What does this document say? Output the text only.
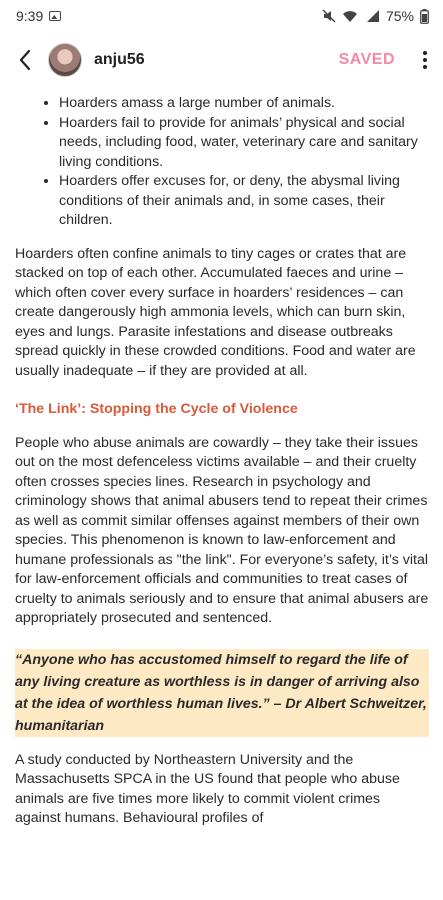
9:39	75%
anju56	SAVED
• Hoarders amass a large number of animals.
• Hoarders fail to provide for animals’ physical and social needs, including food, water, veterinary care and sanitary living conditions.
• Hoarders offer excuses for, or deny, the abysmal living conditions of their animals and, in some cases, their children.

Hoarders often confine animals to tiny cages or crates that are stacked on top of each other. Accumulated faeces and urine – which often cover every surface in hoarders’ residences – can create dangerously high ammonia levels, which can burn skin, eyes and lungs. Parasite infestations and disease outbreaks spread quickly in these crowded conditions. Food and water are usually inadequate – if they are provided at all.

‘The Link’: Stopping the Cycle of Violence

People who abuse animals are cowardly – they take their issues out on the most defenceless victims available – and their cruelty often crosses species lines. Research in psychology and criminology shows that animal abusers tend to repeat their crimes as well as commit similar offenses against members of their own species. This phenomenon is known to law-enforcement and humane professionals as "the link". For everyone’s safety, it’s vital for law-enforcement officials and communities to treat cases of cruelty to animals seriously and to ensure that animal abusers are appropriately prosecuted and sentenced.

“Anyone who has accustomed himself to regard the life of any living creature as worthless is in danger of arriving also at the idea of worthless human lives.” – Dr Albert Schweitzer, humanitarian

A study conducted by Northeastern University and the Massachusetts SPCA in the US found that people who abuse animals are five times more likely to commit violent crimes against humans. Behavioural profiles of
